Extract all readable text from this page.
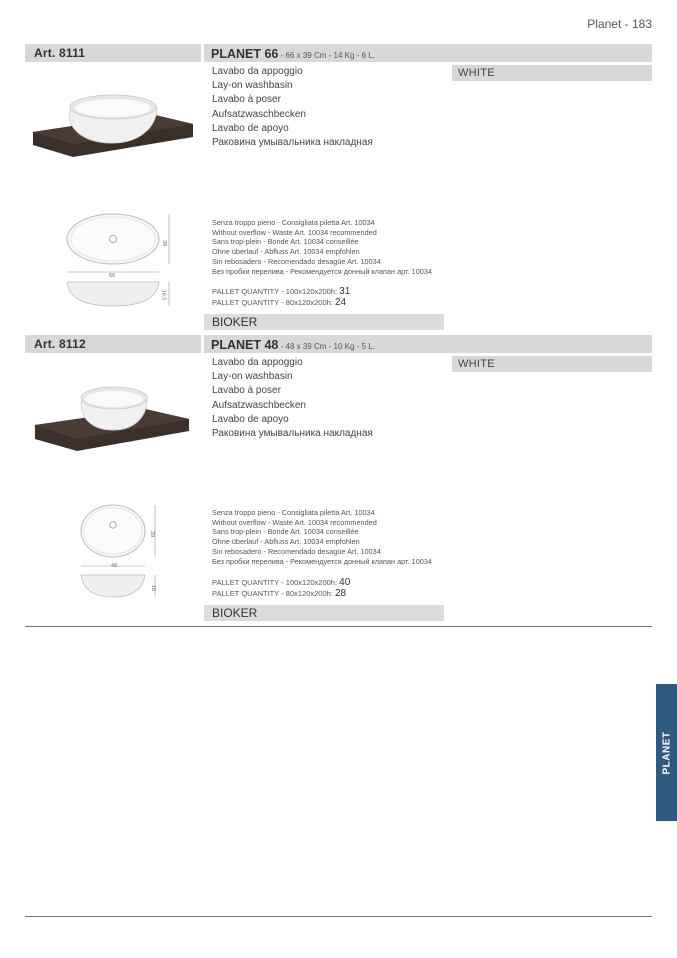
Planet - 183
Art. 8111	PLANET 66 - 66 x 39 Cm - 14 Kg - 6 L.
Lavabo da appoggio
Lay-on washbasin
Lavabo à poser
Aufsatzwaschbecken
Lavabo de apoyo
Раковина умывальника накладная
WHITE
66
39
16,5
Senza troppo pieno - Consigliata piletta Art. 10034
Without overflow - Waste Art. 10034 recommended
Sans trop-plein - Bonde Art. 10034 conseillée
Ohne überlauf - Abfluss Art. 10034 empfohlen
Sin rebosadero - Recomendado desagüe Art. 10034
Без пробки перелива - Рекомендуется донный клапан арт. 10034
PALLET QUANTITY - 100x120x200h: 31
PALLET QUANTITY - 80x120x200h: 24
BIOKER
Art. 8112	PLANET 48 - 48 x 39 Cm - 10 Kg - 5 L.
Lavabo da appoggio
Lay-on washbasin
Lavabo à poser
Aufsatzwaschbecken
Lavabo de apoyo
Раковина умывальника накладная
WHITE
48
39
16
Senza troppo pieno - Consigliata piletta Art. 10034
Without overflow - Waste Art. 10034 recommended
Sans trop-plein - Bonde Art. 10034 conseillée
Ohne überlauf - Abfluss Art. 10034 empfohlen
Sin rebosadero - Recomendado desagüe Art. 10034
Без пробки перелива - Рекомендуется донный клапан арт. 10034
PALLET QUANTITY - 100x120x200h: 40
PALLET QUANTITY - 80x120x200h: 28
BIOKER
PLANET
